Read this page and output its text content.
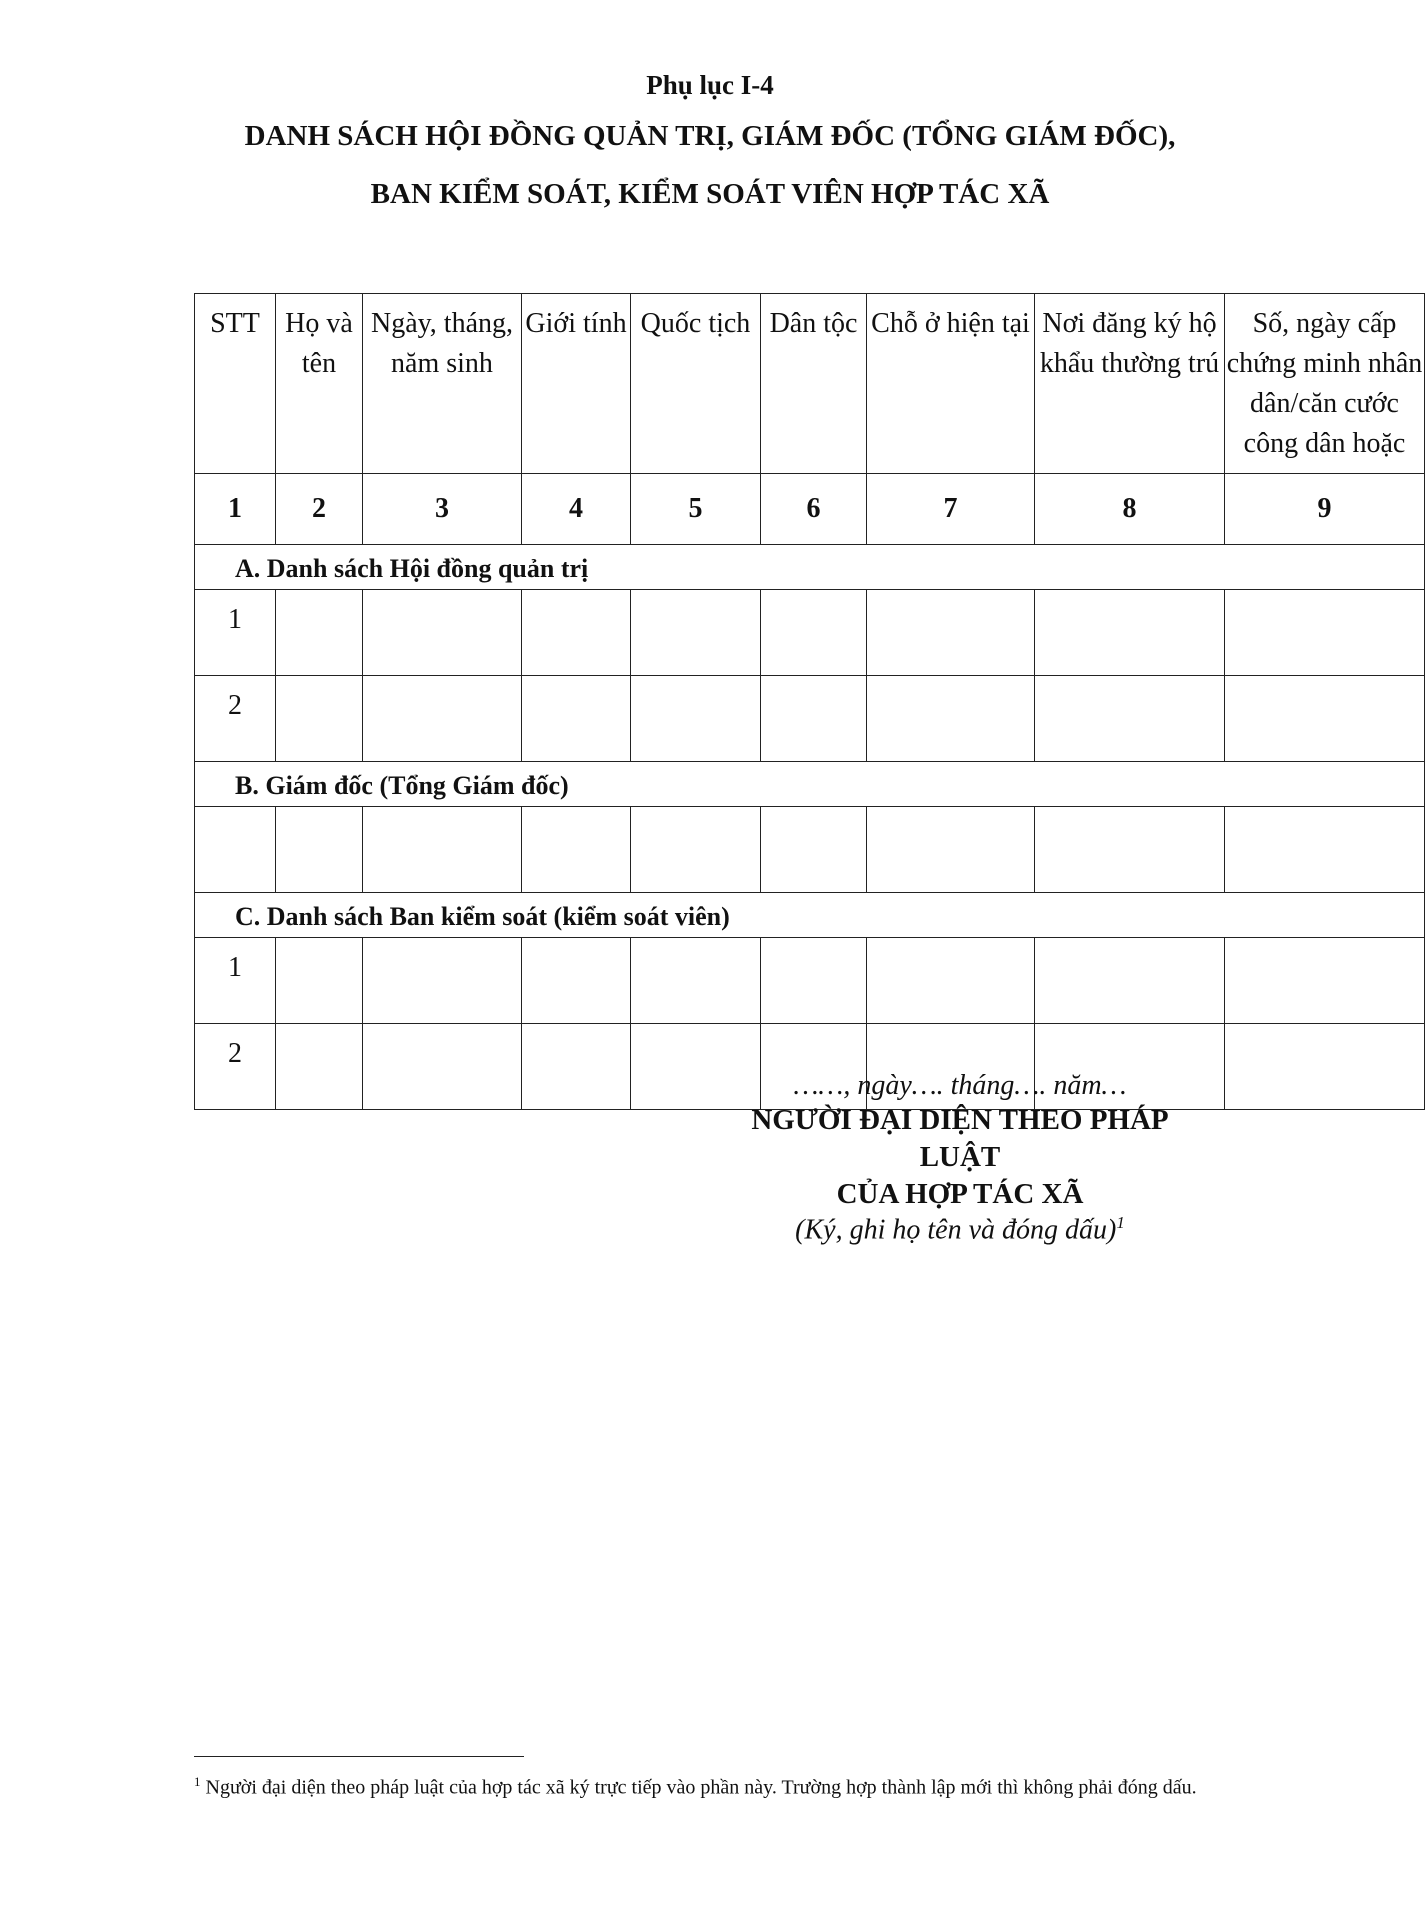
Phụ lục I-4
DANH SÁCH HỘI ĐỒNG QUẢN TRỊ, GIÁM ĐỐC (TỔNG GIÁM ĐỐC),
BAN KIỂM SOÁT, KIỂM SOÁT VIÊN HỢP TÁC XÃ
STT	Họ và tên	Ngày, tháng, năm sinh	Giới tính	Quốc tịch	Dân tộc	Chỗ ở hiện tại	Nơi đăng ký hộ khẩu thường trú	Số, ngày cấp chứng minh nhân dân/căn cước công dân hoặc
1	2	3	4	5	6	7	8	9
A. Danh sách Hội đồng quản trị								
1								
2								
B. Giám đốc (Tổng Giám đốc)								

C. Danh sách Ban kiểm soát (kiểm soát viên)								
1								
2								
……, ngày…. tháng…. năm…
NGƯỜI ĐẠI DIỆN THEO PHÁP
LUẬT
CỦA HỢP TÁC XÃ
(Ký, ghi họ tên và đóng dấu)$^1$
$^1$ Người đại diện theo pháp luật của hợp tác xã ký trực tiếp vào phần này. Trường hợp thành lập mới thì không phải đóng dấu.
